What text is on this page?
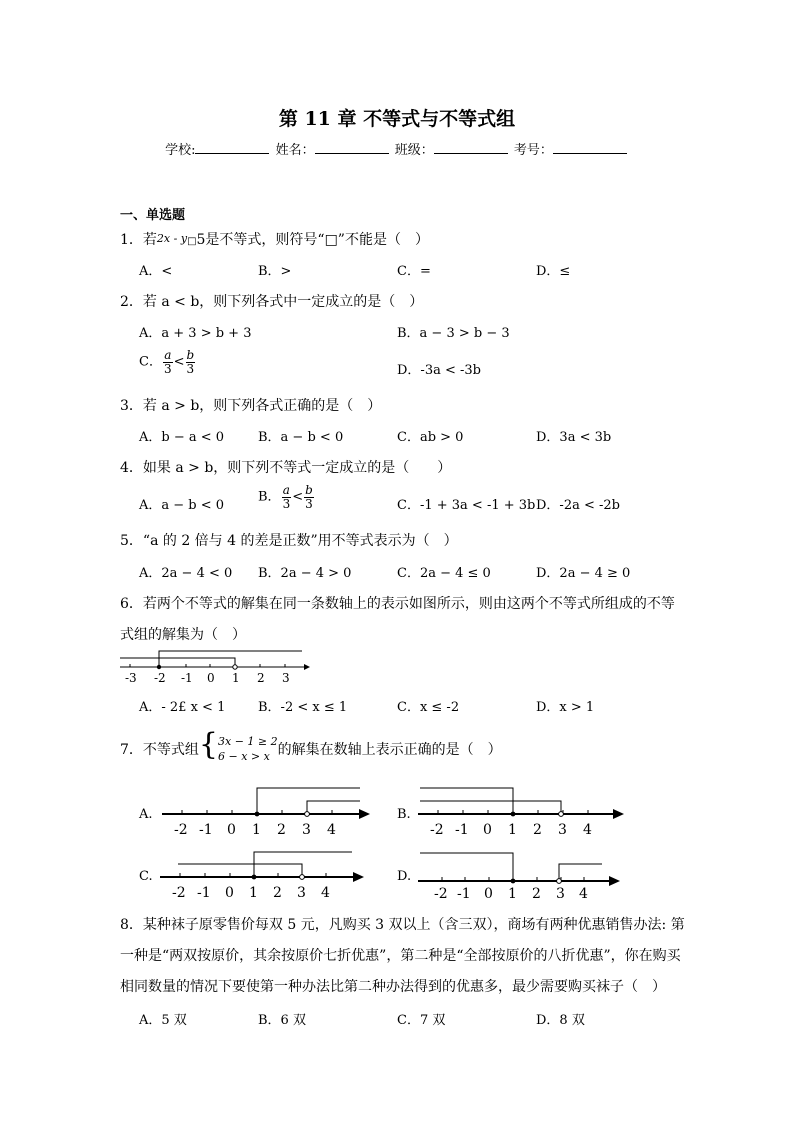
第 11 章 不等式与不等式组
学校:	姓名：	班级：	考号：
一、单选题
1．若2x - y□5是不等式，则符号“□”不能是（　）
A．<	B．>	C．=	D．≤
2．若 a < b，则下列各式中一定成立的是（　）
A．a + 3 > b + 3	B．a − 3 > b − 3
C． $\frac{a}{3} < \frac{b}{3}$	D．-3a < -3b
3．若 a > b，则下列各式正确的是（　）
A．b − a < 0	B．a − b < 0	C．ab > 0	D．3a < 3b
4．如果 a > b，则下列不等式一定成立的是（　　）
A．a − b < 0
B． $\frac{a}{3} < \frac{b}{3}$	C．-1 + 3a < -1 + 3b D．-2a < -2b
5．“a 的 2 倍与 4 的差是正数”用不等式表示为（　）
A．2a − 4 < 0 B．2a − 4 > 0	C．2a − 4 ≤ 0	D．2a − 4 ≥ 0
6．若两个不等式的解集在同一条数轴上的表示如图所示，则由这两个不等式所组成的不等
式组的解集为（　）
-3 -2 -1 0 1 2 3
A．- 2£ x < 1	B．-2 < x ≤ 1	C．x ≤ -2	D．x > 1
7．不等式组{ 3x − 1 ≥ 2
6 − x > x 的解集在数轴上表示正确的是（　）
A.
-2 -1 0 1 2 3 4
B.
-2 -1 0 1 2 3 4
C.
-2 -1 0 1 2 3 4
D.
-2 -1 0 1 2 3 4
8．某种袜子原零售价每双 5 元，凡购买 3 双以上（含三双），商场有两种优惠销售办法: 第
一种是“两双按原价，其余按原价七折优惠”，第二种是“全部按原价的八折优惠”，你在购买
相同数量的情况下要使第一种办法比第二种办法得到的优惠多，最少需要购买袜子（　）
A．5 双	B．6 双	C．7 双	D．8 双
